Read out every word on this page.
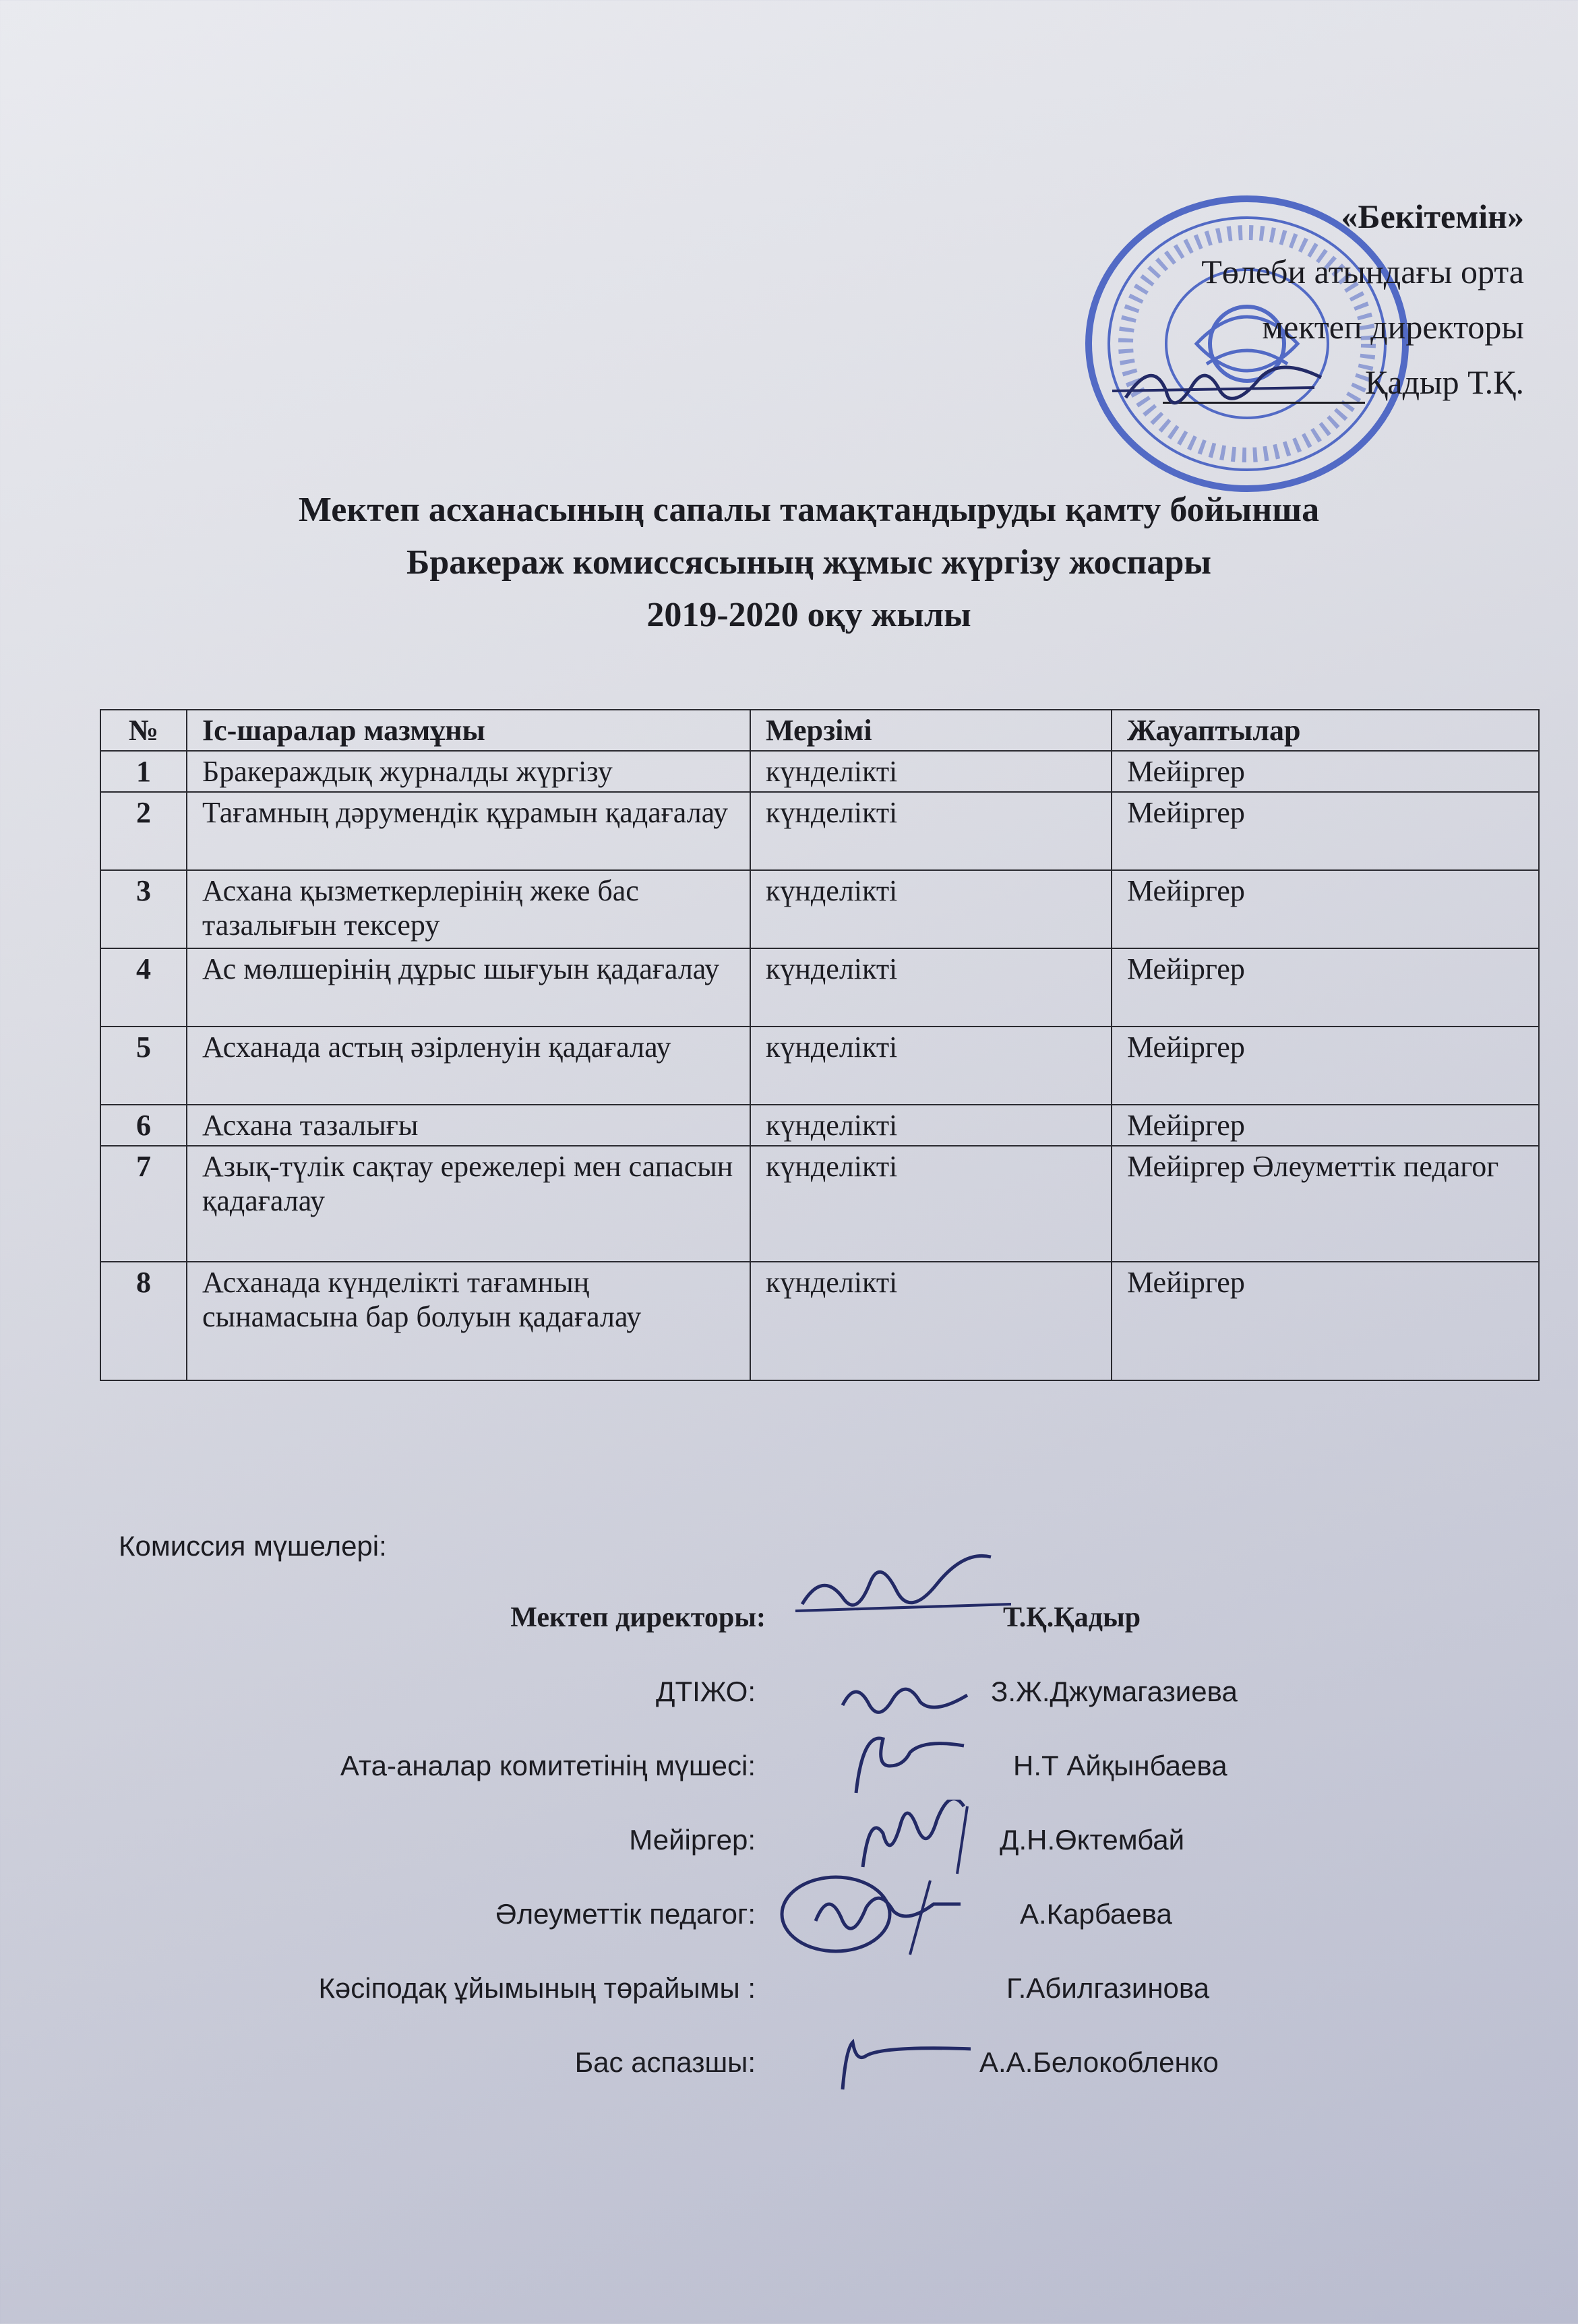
«Бекітемін»
Төлеби атындағы орта
мектеп директоры
Қадыр Т.Қ.
Мектеп асханасының сапалы тамақтандыруды қамту бойынша
Бракераж комиссясының жұмыс жүргізу жоспары
2019-2020 оқу жылы
№	Іс-шаралар мазмұны	Мерзімі	Жауаптылар
1	Бракераждық журналды жүргізу	күнделікті	Мейіргер
2	Тағамның дәрумендік құрамын қадағалау	күнделікті	Мейіргер
3	Асхана қызметкерлерінің жеке бас тазалығын тексеру	күнделікті	Мейіргер
4	Ас мөлшерінің дұрыс шығуын қадағалау	күнделікті	Мейіргер
5	Асханада астың әзірленуін қадағалау	күнделікті	Мейіргер
6	Асхана тазалығы	күнделікті	Мейіргер
7	Азық-түлік сақтау ережелері мен сапасын қадағалау	күнделікті	Мейіргер Әлеуметтік педагог
8	Асханада күнделікті тағамның сынамасына бар болуын қадағалау	күнделікті	Мейіргер
Комиссия мүшелері:
Мектеп директоры:	Т.Қ.Қадыр
ДТІЖО:	З.Ж.Джумагазиева
Ата-аналар комитетінің мүшесі:	Н.Т Айқынбаева
Мейіргер:	Д.Н.Өктембай
Әлеуметтік педагог:	А.Карбаева
Кәсіподақ ұйымының төрайымы :	Г.Абилгазинова
Бас аспазшы:	А.А.Белокобленко
